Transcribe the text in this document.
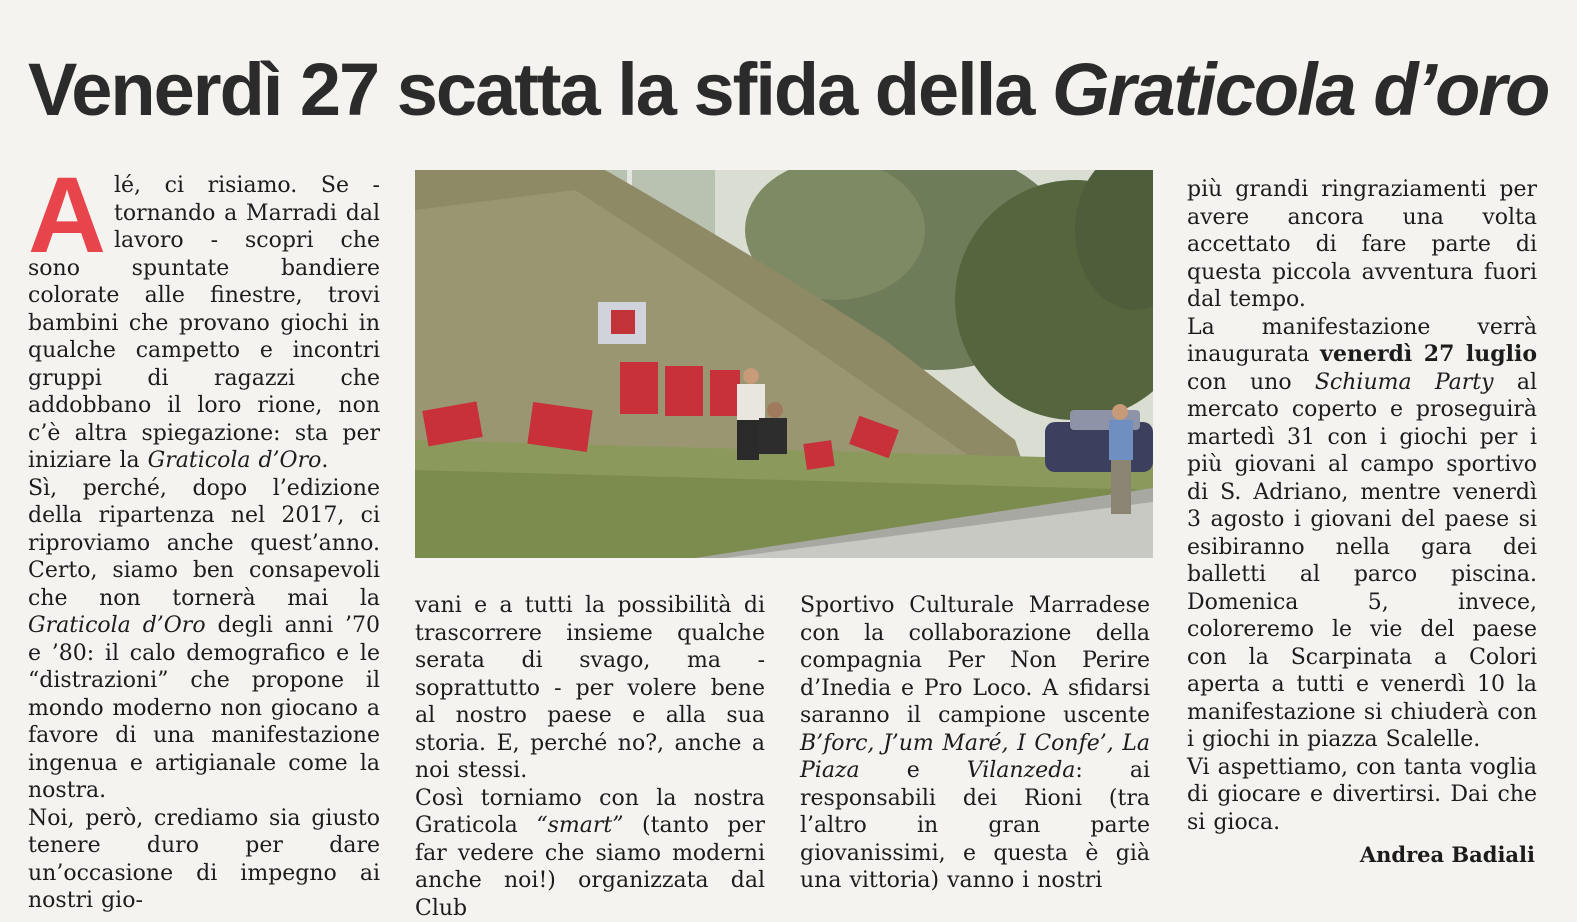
Venerdì 27 scatta la sfida della Graticola d’oro

Alé, ci risiamo. Se - tornando a Marradi dal lavoro - scopri che sono spuntate bandiere colorate alle finestre, trovi bambini che provano giochi in qualche campetto e incontri gruppi di ragazzi che addobbano il loro rione, non c’è altra spiegazione: sta per iniziare la Graticola d’Oro.

Sì, perché, dopo l’edizione della ripartenza nel 2017, ci riproviamo anche quest’anno. Certo, siamo ben consapevoli che non tornerà mai la Graticola d’Oro degli anni ’70 e ’80: il calo demografico e le “distrazioni” che propone il mondo moderno non giocano a favore di una manifestazione ingenua e artigianale come la nostra.

Noi, però, crediamo sia giusto tenere duro per dare un’occasione di impegno ai nostri gio-

vani e a tutti la possibilità di trascorrere insieme qualche serata di svago, ma - soprattutto - per volere bene al nostro paese e alla sua storia. E, perché no?, anche a noi stessi.

Così torniamo con la nostra Graticola “smart” (tanto per far vedere che siamo moderni anche noi!) organizzata dal Club

Sportivo Culturale Marradese con la collaborazione della compagnia Per Non Perire d’Inedia e Pro Loco. A sfidarsi saranno il campione uscente B’forc, J’um Maré, I Confe’, La Piaza e Vilanzeda: ai responsabili dei Rioni (tra l’altro in gran parte giovanissimi, e questa è già una vittoria) vanno i nostri

più grandi ringraziamenti per avere ancora una volta accettato di fare parte di questa piccola avventura fuori dal tempo.

La manifestazione verrà inaugurata venerdì 27 luglio con uno Schiuma Party al mercato coperto e proseguirà martedì 31 con i giochi per i più giovani al campo sportivo di S. Adriano, mentre venerdì 3 agosto i giovani del paese si esibiranno nella gara dei balletti al parco piscina. Domenica 5, invece, coloreremo le vie del paese con la Scarpinata a Colori aperta a tutti e venerdì 10 la manifestazione si chiuderà con i giochi in piazza Scalelle.

Vi aspettiamo, con tanta voglia di giocare e divertirsi. Dai che si gioca.

Andrea Badiali
